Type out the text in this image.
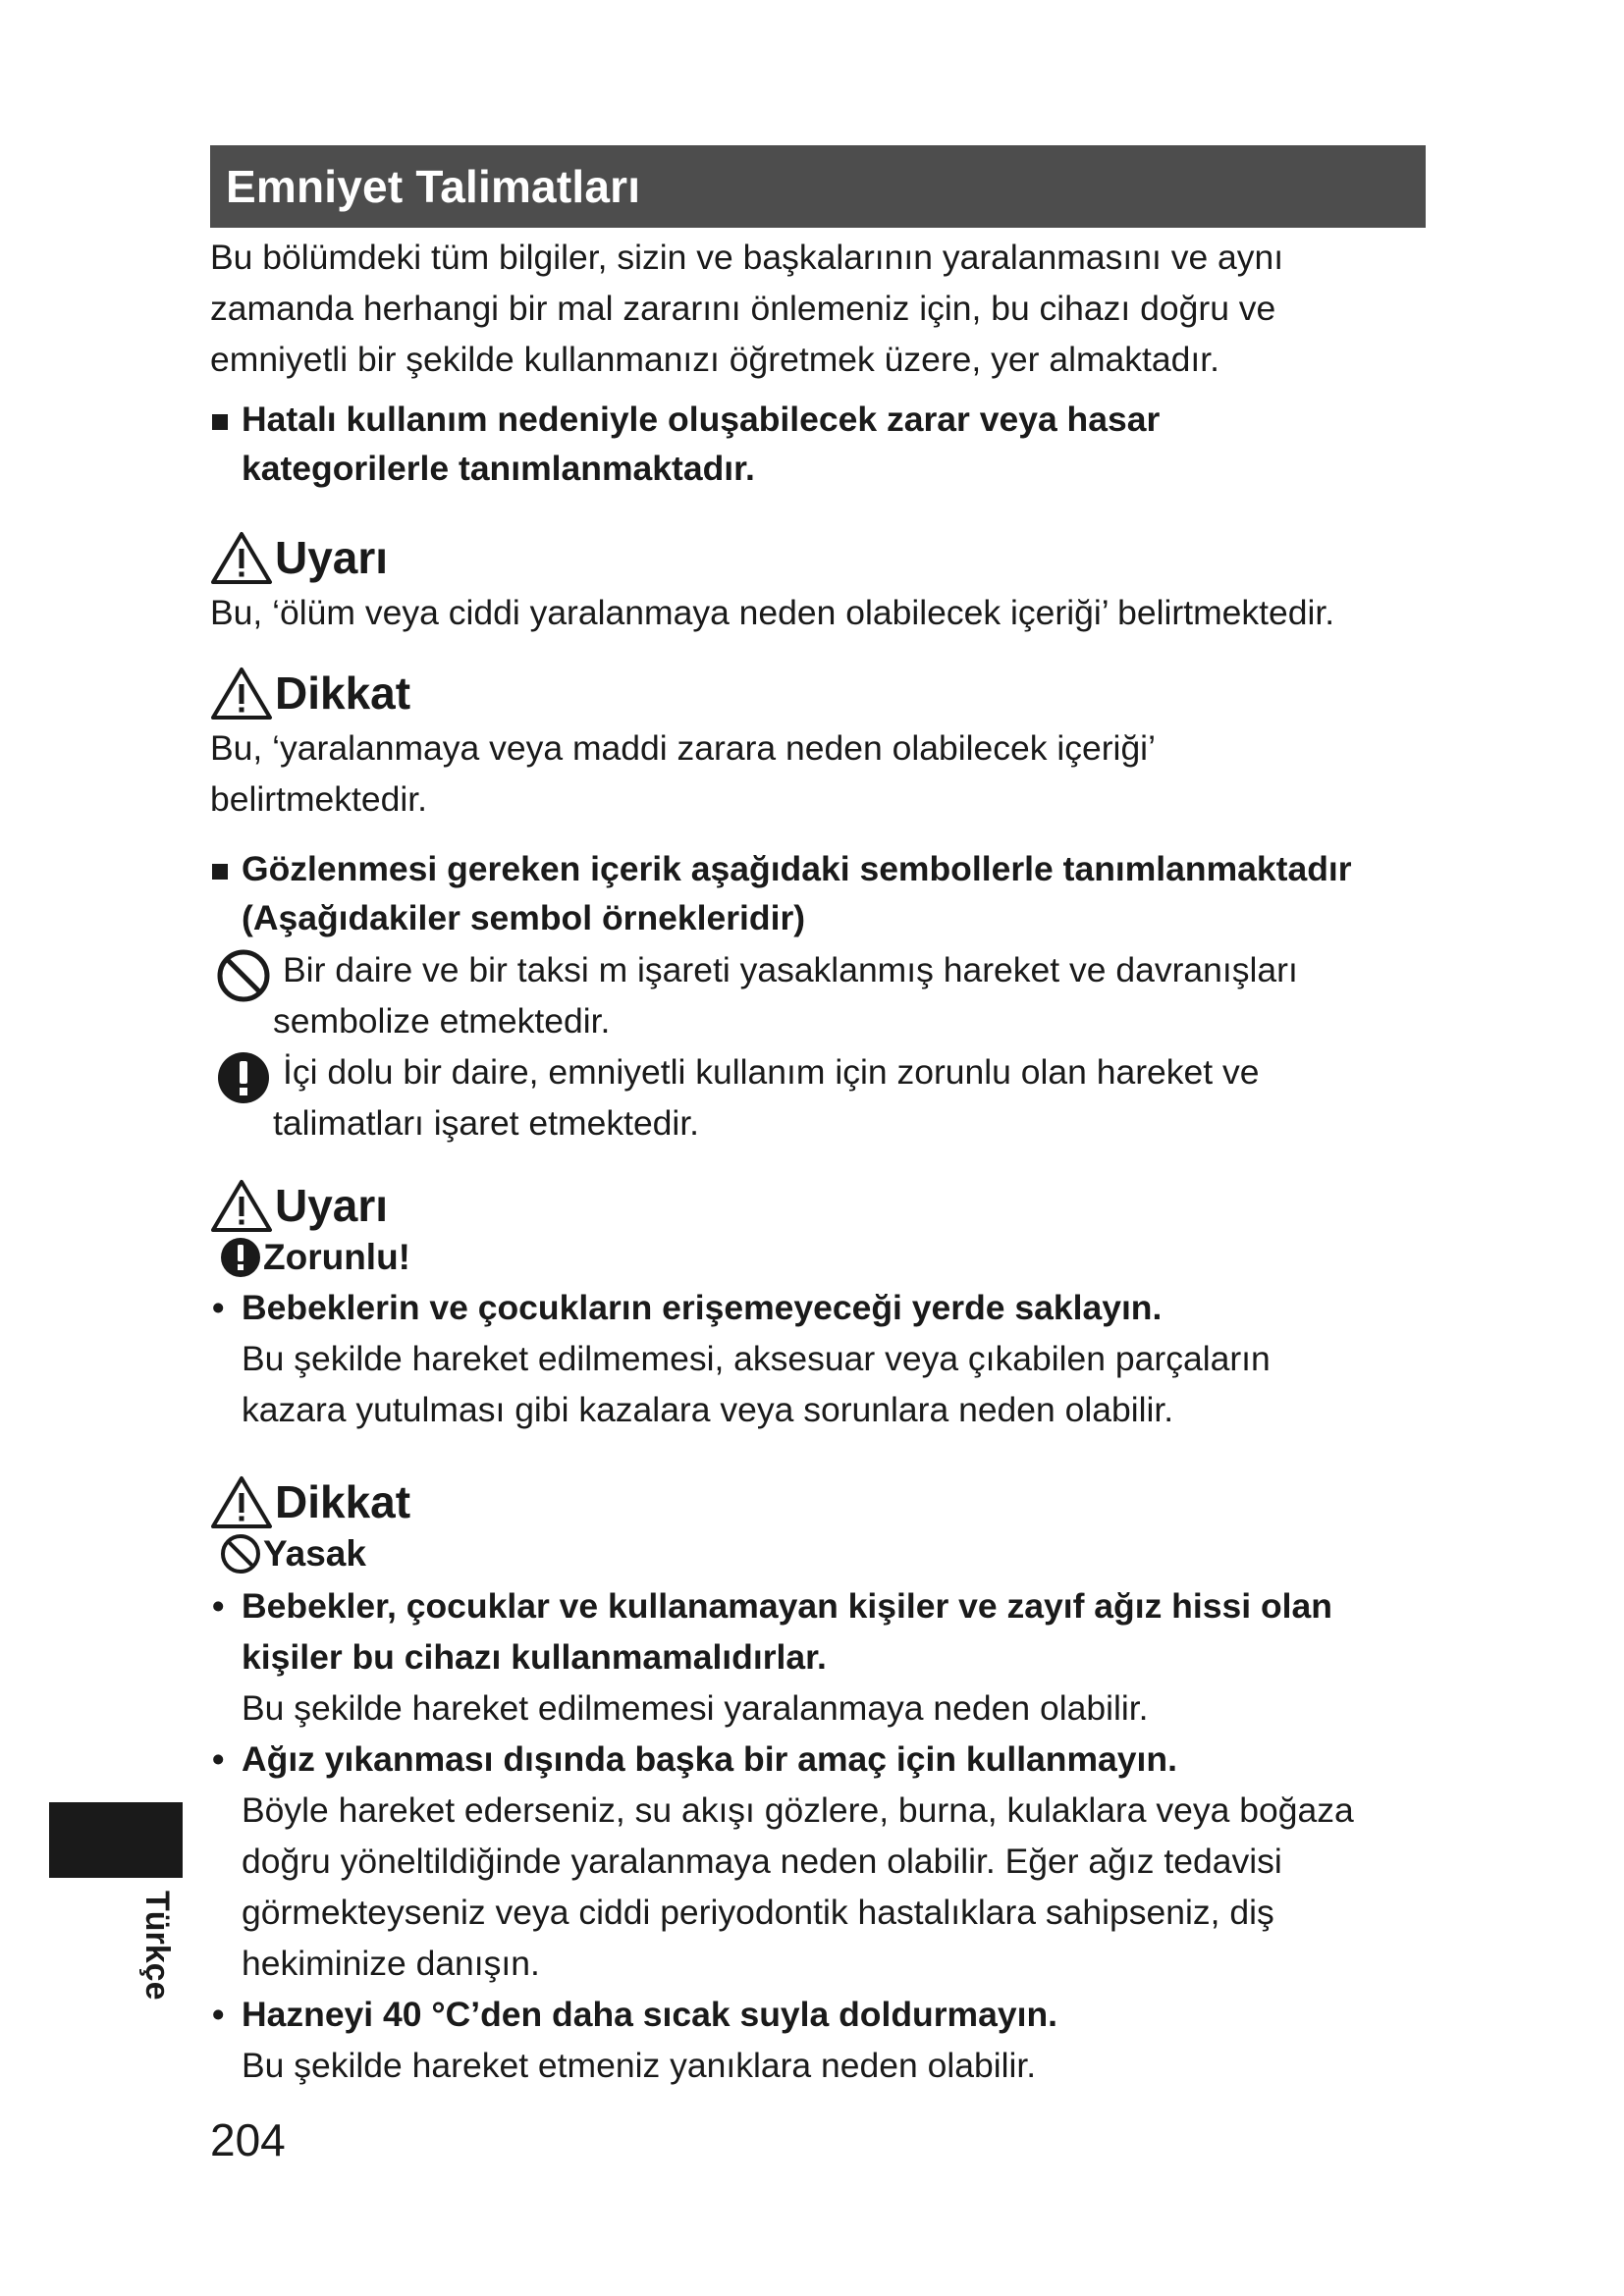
Emniyet Talimatları

Bu bölümdeki tüm bilgiler, sizin ve başkalarının yaralanmasını ve aynı

zamanda herhangi bir mal zararını önlemeniz için, bu cihazı doğru ve

emniyetli bir şekilde kullanmanızı öğretmek üzere, yer almaktadır.

Hatalı kullanım nedeniyle oluşabilecek zarar veya hasar
kategorilerle tanımlanmaktadır.
Uyarı

Bu, ‘ölüm veya ciddi yaralanmaya neden olabilecek içeriği’ belirtmektedir.

Dikkat

Bu, ‘yaralanmaya veya maddi zarara neden olabilecek içeriği’

belirtmektedir.

Gözlenmesi gereken içerik aşağıdaki sembollerle tanımlanmaktadır
(Aşağıdakiler sembol örnekleridir)
Bir daire ve bir taksi m işareti yasaklanmış hareket ve davranışları
sembolize etmektedir.
İçi dolu bir daire, emniyetli kullanım için zorunlu olan hareket ve
talimatları işaret etmektedir.
Uyarı
Zorunlu!
• Bebeklerin ve çocukların erişemeyeceği yerde saklayın.
Bu şekilde hareket edilmemesi, aksesuar veya çıkabilen parçaların
kazara yutulması gibi kazalara veya sorunlara neden olabilir.
Dikkat
Yasak
• Bebekler, çocuklar ve kullanamayan kişiler ve zayıf ağız hissi olan
kişiler bu cihazı kullanmamalıdırlar.
Bu şekilde hareket edilmemesi yaralanmaya neden olabilir.
• Ağız yıkanması dışında başka bir amaç için kullanmayın.
Böyle hareket ederseniz, su akışı gözlere, burna, kulaklara veya boğaza
doğru yöneltildiğinde yaralanmaya neden olabilir. Eğer ağız tedavisi
görmekteyseniz veya ciddi periyodontik hastalıklara sahipseniz, diş
hekiminize danışın.
• Hazneyi 40 °C’den daha sıcak suyla doldurmayın.
Bu şekilde hareket etmeniz yanıklara neden olabilir.
Türkçe
204
